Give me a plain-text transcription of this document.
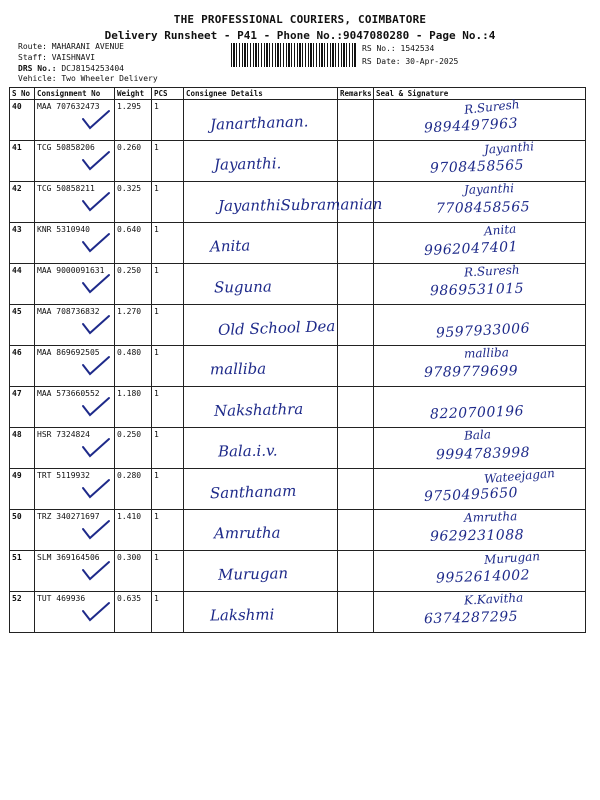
THE PROFESSIONAL COURIERS, COIMBATORE
Delivery Runsheet - P41 - Phone No.:9047080280 - Page No.:4
Route: MAHARANI AVENUE
Staff: VAISHNAVI
DRS No.: DCJ8154253404
Vehicle: Two Wheeler Delivery
RS No.: 1542534
RS Date: 30-Apr-2025
S No	Consignment No	Weight	PCS	Consignee Details	Remarks	Seal & Signature
40	MAA 707632473	1.295	1	Janarthanan.		R.Suresh
9894497963

41	TCG 50858206	0.260	1	Jayanthi.		Jayanthi
9708458565

42	TCG 50858211	0.325	1	JayanthiSubramanian		Jayanthi
7708458565

43	KNR 5310940	0.640	1	Anita		Anita
9962047401

44	MAA 9000091631	0.250	1	Suguna		R.Suresh
9869531015

45	MAA 708736832	1.270	1	Old School Dea		9597933006

46	MAA 869692505	0.480	1	malliba		malliba
9789779699

47	MAA 573660552	1.180	1	Nakshathra		8220700196

48	HSR 7324824	0.250	1	Bala.i.v.		Bala
9994783998

49	TRT 5119932	0.280	1	Santhanam		Wateejagan
9750495650

50	TRZ 340271697	1.410	1	Amrutha		Amrutha
9629231088

51	SLM 369164506	0.300	1	Murugan		Murugan
9952614002

52	TUT 469936	0.635	1	Lakshmi		K.Kavitha
6374287295
